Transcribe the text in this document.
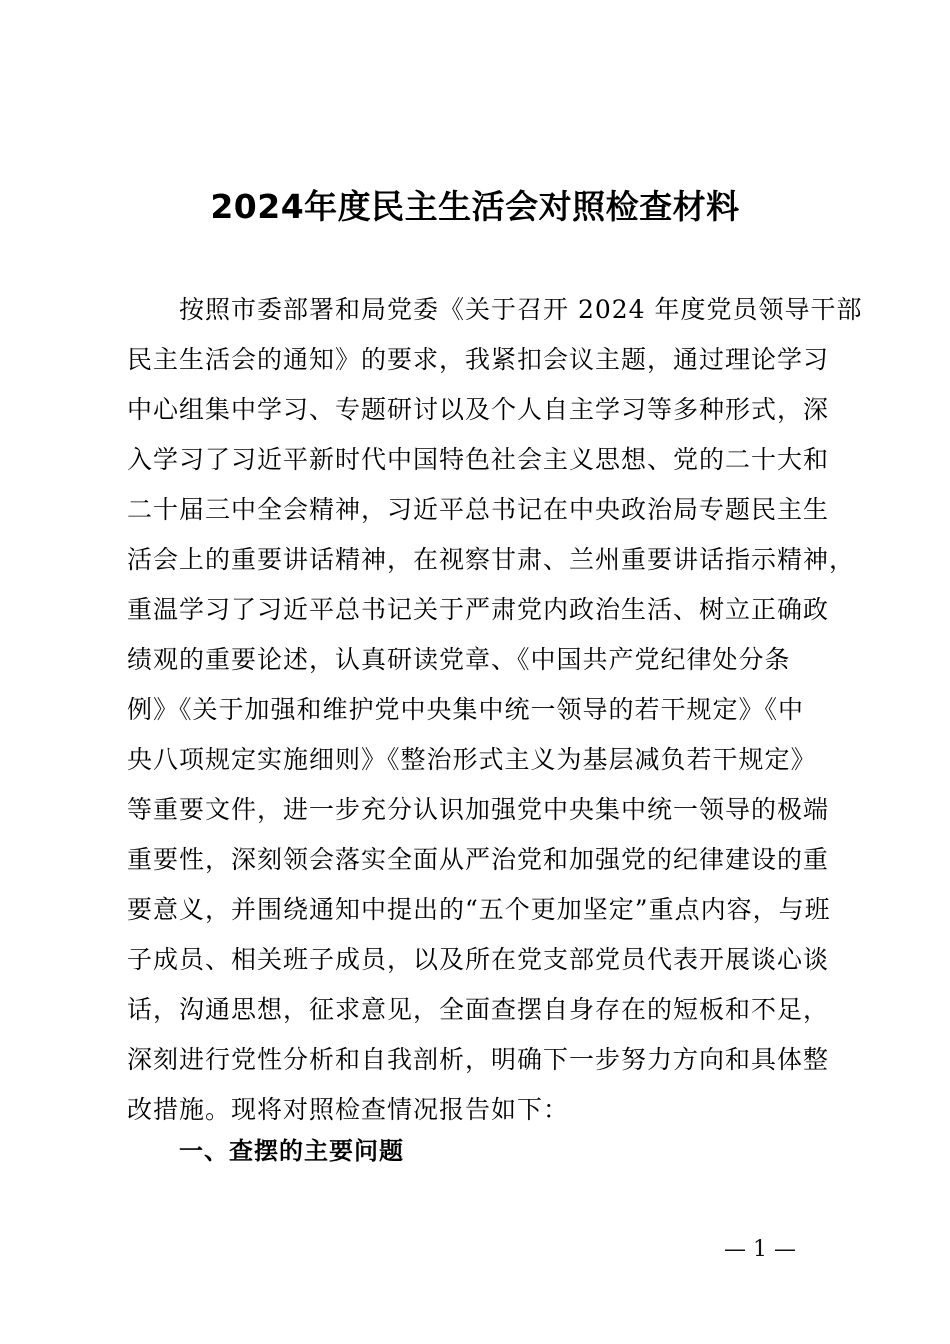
2024年度民主生活会对照检查材料
按照市委部署和局党委《关于召开 2024 年度党员领导干部
民主生活会的通知》的要求，我紧扣会议主题，通过理论学习
中心组集中学习、专题研讨以及个人自主学习等多种形式，深
入学习了习近平新时代中国特色社会主义思想、党的二十大和
二十届三中全会精神，习近平总书记在中央政治局专题民主生
活会上的重要讲话精神，在视察甘肃、兰州重要讲话指示精神，
重温学习了习近平总书记关于严肃党内政治生活、树立正确政
绩观的重要论述，认真研读党章、《中国共产党纪律处分条
例》《关于加强和维护党中央集中统一领导的若干规定》《中
央八项规定实施细则》《整治形式主义为基层减负若干规定》
等重要文件，进一步充分认识加强党中央集中统一领导的极端
重要性，深刻领会落实全面从严治党和加强党的纪律建设的重
要意义，并围绕通知中提出的“五个更加坚定”重点内容，与班
子成员、相关班子成员，以及所在党支部党员代表开展谈心谈
话，沟通思想，征求意见，全面查摆自身存在的短板和不足，
深刻进行党性分析和自我剖析，明确下一步努力方向和具体整
改措施。现将对照检查情况报告如下：
一、查摆的主要问题
— 1 —
